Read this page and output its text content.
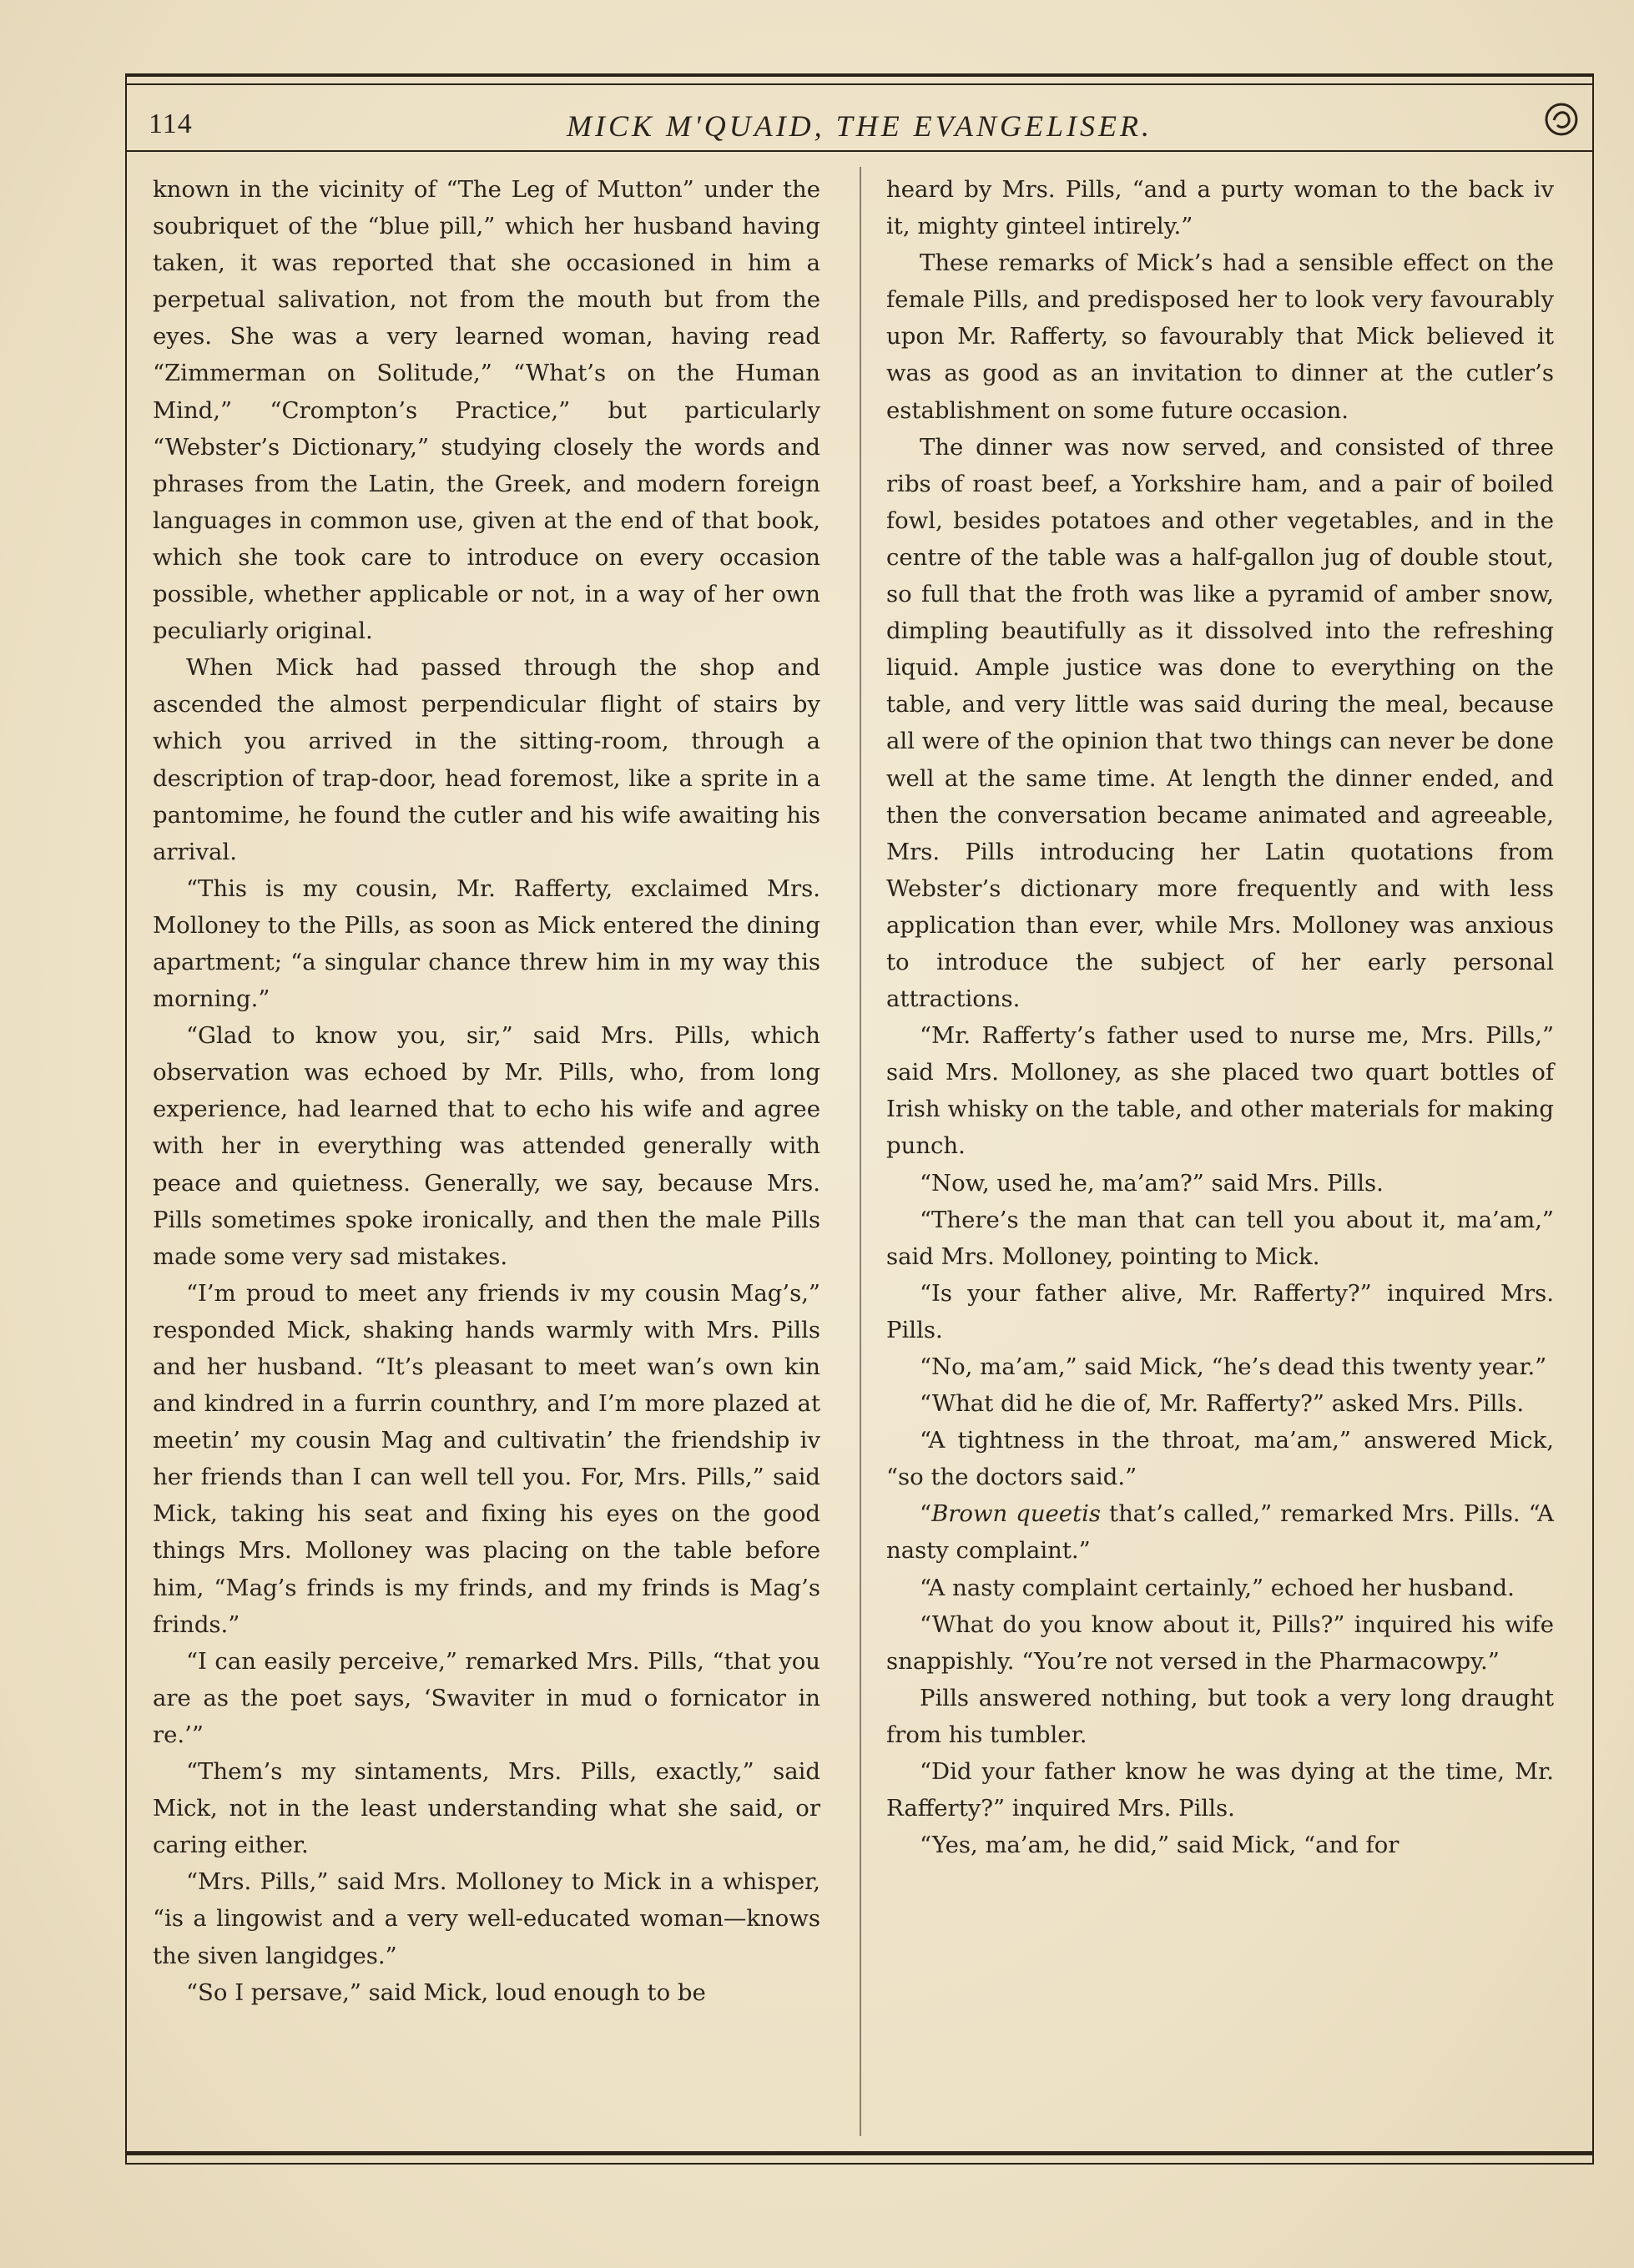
114	MICK M'QUAID, THE EVANGELISER.

known in the vicinity of “The Leg of Mutton” under the soubriquet of the “blue pill,” which her husband having taken, it was reported that she occasioned in him a perpetual salivation, not from the mouth but from the eyes. She was a very learned woman, having read “Zimmerman on Solitude,” “What’s on the Human Mind,” “Crompton’s Practice,” but particularly “Webster’s Dictionary,” studying closely the words and phrases from the Latin, the Greek, and modern foreign languages in common use, given at the end of that book, which she took care to introduce on every occasion possible, whether applicable or not, in a way of her own peculiarly original.

When Mick had passed through the shop and ascended the almost perpendicular flight of stairs by which you arrived in the sitting-room, through a description of trap-door, head foremost, like a sprite in a pantomime, he found the cutler and his wife awaiting his arrival.

“This is my cousin, Mr. Rafferty, exclaimed Mrs. Molloney to the Pills, as soon as Mick entered the dining apartment; “a singular chance threw him in my way this morning.”

“Glad to know you, sir,” said Mrs. Pills, which observation was echoed by Mr. Pills, who, from long experience, had learned that to echo his wife and agree with her in everything was attended generally with peace and quietness. Generally, we say, because Mrs. Pills sometimes spoke ironically, and then the male Pills made some very sad mistakes.

“I’m proud to meet any friends iv my cousin Mag’s,” responded Mick, shaking hands warmly with Mrs. Pills and her husband. “It’s pleasant to meet wan’s own kin and kindred in a furrin counthry, and I’m more plazed at meetin’ my cousin Mag and cultivatin’ the friendship iv her friends than I can well tell you. For, Mrs. Pills,” said Mick, taking his seat and fixing his eyes on the good things Mrs. Molloney was placing on the table before him, “Mag’s frinds is my frinds, and my frinds is Mag’s frinds.”

“I can easily perceive,” remarked Mrs. Pills, “that you are as the poet says, ‘Swaviter in mud o fornicator in re.’”

“Them’s my sintaments, Mrs. Pills, exactly,” said Mick, not in the least understanding what she said, or caring either.

“Mrs. Pills,” said Mrs. Molloney to Mick in a whisper, “is a lingowist and a very well-educated woman—knows the siven langidges.”

“So I persave,” said Mick, loud enough to be

heard by Mrs. Pills, “and a purty woman to the back iv it, mighty ginteel intirely.”

These remarks of Mick’s had a sensible effect on the female Pills, and predisposed her to look very favourably upon Mr. Rafferty, so favourably that Mick believed it was as good as an invitation to dinner at the cutler’s establishment on some future occasion.

The dinner was now served, and consisted of three ribs of roast beef, a Yorkshire ham, and a pair of boiled fowl, besides potatoes and other vegetables, and in the centre of the table was a half-gallon jug of double stout, so full that the froth was like a pyramid of amber snow, dimpling beautifully as it dissolved into the refreshing liquid. Ample justice was done to everything on the table, and very little was said during the meal, because all were of the opinion that two things can never be done well at the same time. At length the dinner ended, and then the conversation became animated and agreeable, Mrs. Pills introducing her Latin quotations from Webster’s dictionary more frequently and with less application than ever, while Mrs. Molloney was anxious to introduce the subject of her early personal attractions.

“Mr. Rafferty’s father used to nurse me, Mrs. Pills,” said Mrs. Molloney, as she placed two quart bottles of Irish whisky on the table, and other materials for making punch.

“Now, used he, ma’am?” said Mrs. Pills.

“There’s the man that can tell you about it, ma’am,” said Mrs. Molloney, pointing to Mick.

“Is your father alive, Mr. Rafferty?” inquired Mrs. Pills.

“No, ma’am,” said Mick, “he’s dead this twenty year.”

“What did he die of, Mr. Rafferty?” asked Mrs. Pills.

“A tightness in the throat, ma’am,” answered Mick, “so the doctors said.”

“Brown queetis that’s called,” remarked Mrs. Pills. “A nasty complaint.”

“A nasty complaint certainly,” echoed her husband.

“What do you know about it, Pills?” inquired his wife snappishly. “You’re not versed in the Pharmacowpy.”

Pills answered nothing, but took a very long draught from his tumbler.

“Did your father know he was dying at the time, Mr. Rafferty?” inquired Mrs. Pills.

“Yes, ma’am, he did,” said Mick, “and for
